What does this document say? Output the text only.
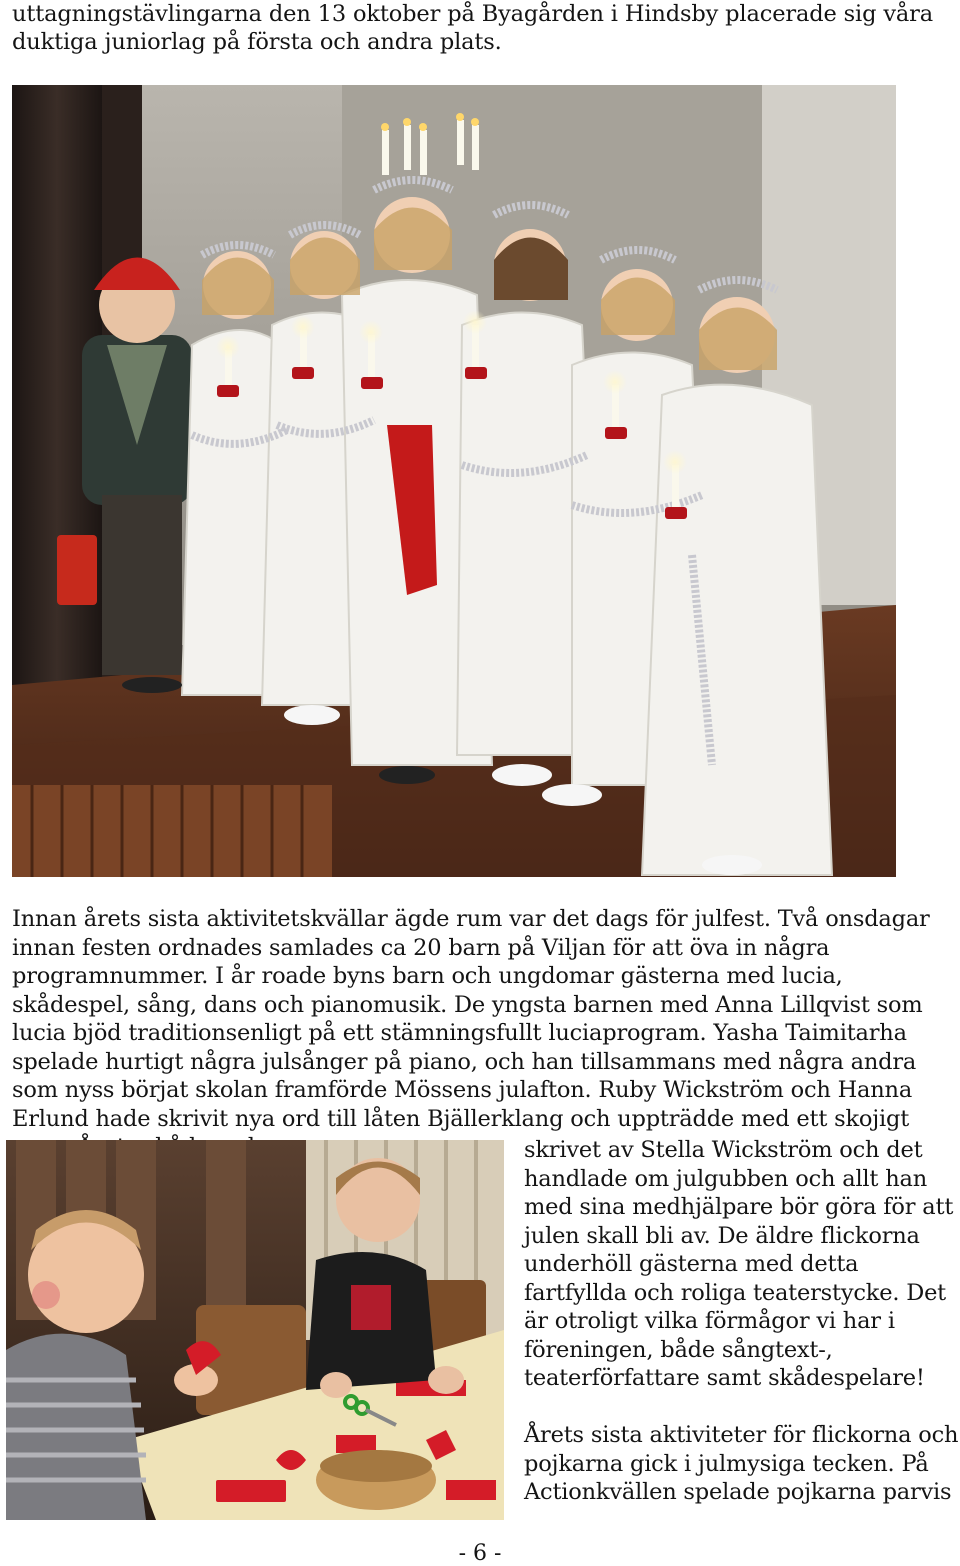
uttagningstävlingarna den 13 oktober på Byagården i Hindsby placerade sig våra duktiga juniorlag på första och andra plats.
Innan årets sista aktivitetskvällar ägde rum var det dags för julfest. Två onsdagar innan festen ordnades samlades ca 20 barn på Viljan för att öva in några programnummer. I år roade byns barn och ungdomar gästerna med lucia, skådespel, sång, dans och pianomusik. De yngsta barnen med Anna Lillqvist som lucia bjöd traditionsenligt på ett stämningsfullt luciaprogram. Yasha Taimitarha spelade hurtigt några julsånger på piano, och han tillsammans med några andra som nyss börjat skolan framförde Mössens julafton. Ruby Wickström och Hanna Erlund hade skrivit nya ord till låten Bjällerklang och uppträdde med ett skojigt

skrivet av Stella Wickström och det handlade om julgubben och allt han med sina medhjälpare bör göra för att julen skall bli av. De äldre flickorna underhöll gästerna med detta fartfyllda och roliga teaterstycke. Det är otroligt vilka förmågor vi har i föreningen, både sångtext-, teaterförfattare samt skådespelare!

Årets sista aktiviteter för flickorna och pojkarna gick i julmysiga tecken. På Actionkvällen spelade pojkarna parvis

- 6 -
